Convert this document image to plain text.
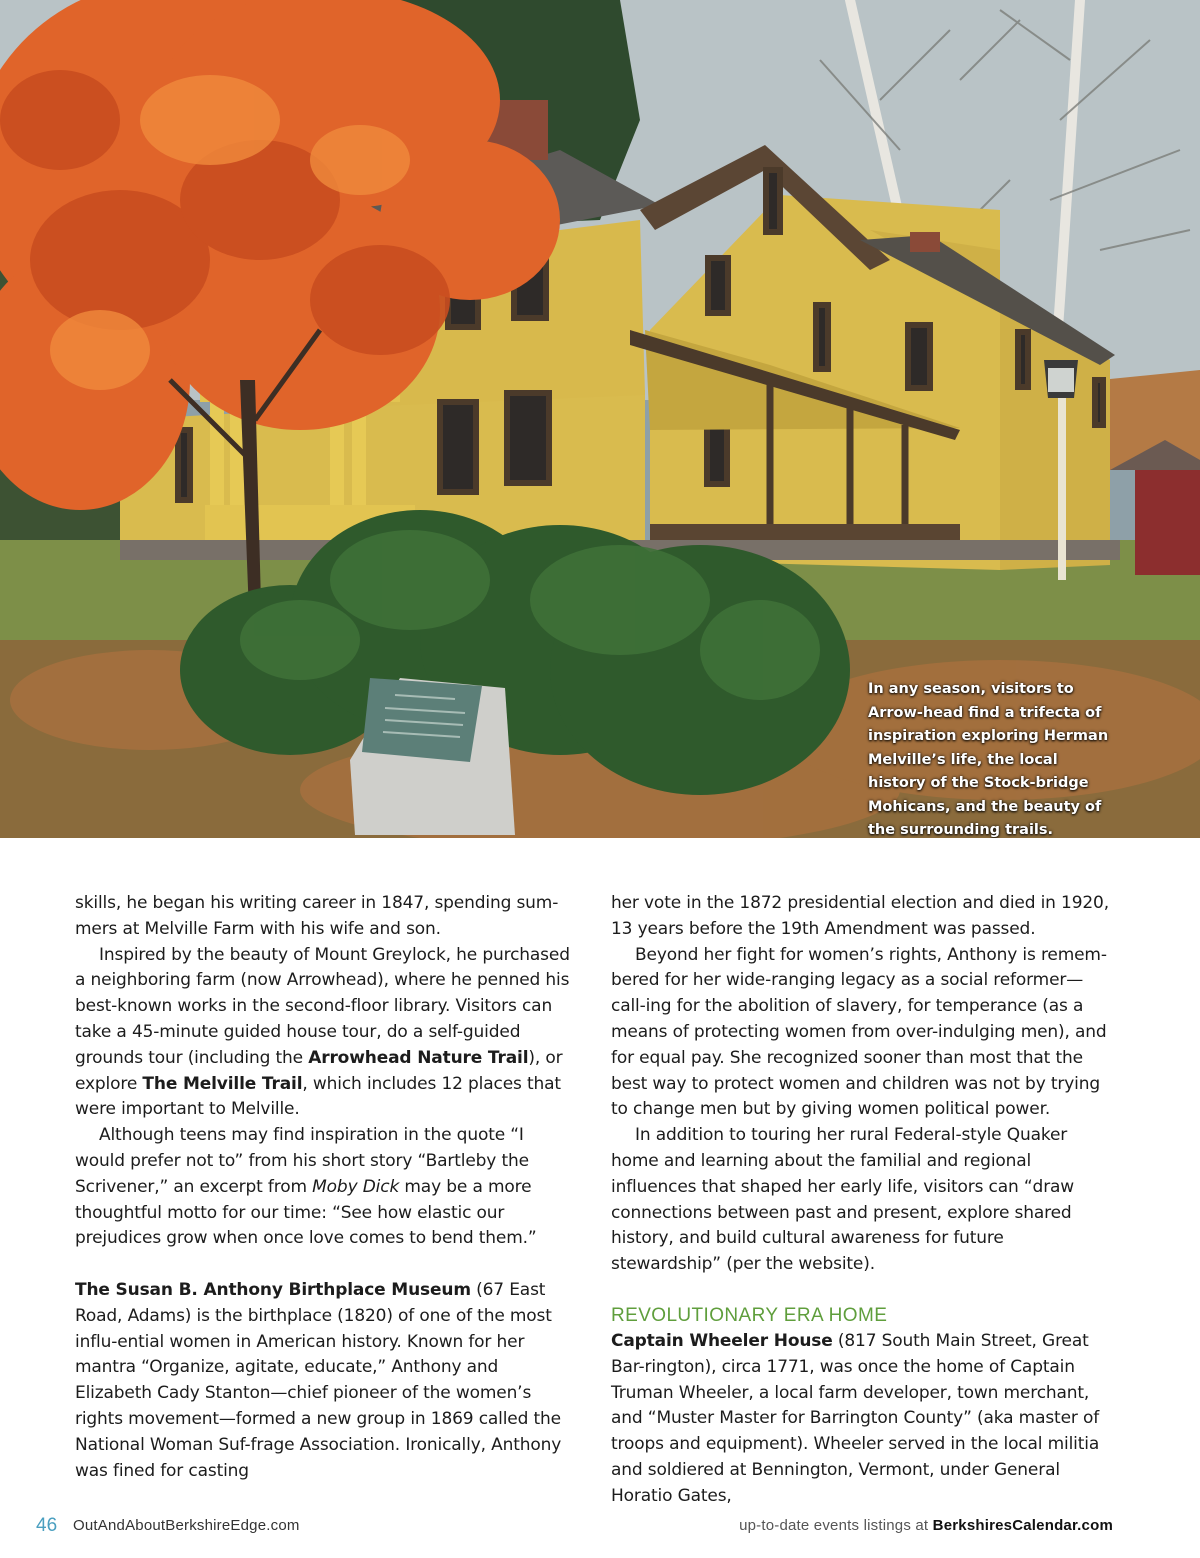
In any season, visitors to Arrow-head find a trifecta of inspiration exploring Herman Melville’s life, the local history of the Stock-bridge Mohicans, and the beauty of the surrounding trails.

skills, he began his writing career in 1847, spending sum-mers at Melville Farm with his wife and son.

Inspired by the beauty of Mount Greylock, he purchased a neighboring farm (now Arrowhead), where he penned his best-known works in the second-floor library. Visitors can take a 45-minute guided house tour, do a self-guided grounds tour (including the Arrowhead Nature Trail), or explore The Melville Trail, which includes 12 places that were important to Melville.

Although teens may find inspiration in the quote “I would prefer not to” from his short story “Bartleby the Scrivener,” an excerpt from Moby Dick may be a more thoughtful motto for our time: “See how elastic our prejudices grow when once love comes to bend them.”

The Susan B. Anthony Birthplace Museum (67 East Road, Adams) is the birthplace (1820) of one of the most influ-ential women in American history. Known for her mantra “Organize, agitate, educate,” Anthony and Elizabeth Cady Stanton—chief pioneer of the women’s rights movement—formed a new group in 1869 called the National Woman Suf-frage Association. Ironically, Anthony was fined for casting

her vote in the 1872 presidential election and died in 1920, 13 years before the 19th Amendment was passed.

Beyond her fight for women’s rights, Anthony is remem-bered for her wide-ranging legacy as a social reformer—call-ing for the abolition of slavery, for temperance (as a means of protecting women from over-indulging men), and for equal pay. She recognized sooner than most that the best way to protect women and children was not by trying to change men but by giving women political power.

In addition to touring her rural Federal-style Quaker home and learning about the familial and regional influences that shaped her early life, visitors can “draw connections between past and present, explore shared history, and build cultural awareness for future stewardship” (per the website).

REVOLUTIONARY ERA HOME

Captain Wheeler House (817 South Main Street, Great Bar-rington), circa 1771, was once the home of Captain Truman Wheeler, a local farm developer, town merchant, and “Muster Master for Barrington County” (aka master of troops and equipment). Wheeler served in the local militia and soldiered at Bennington, Vermont, under General Horatio Gates,

46 OutAndAboutBerkshireEdge.com	up-to-date events listings at BerkshiresCalendar.com
